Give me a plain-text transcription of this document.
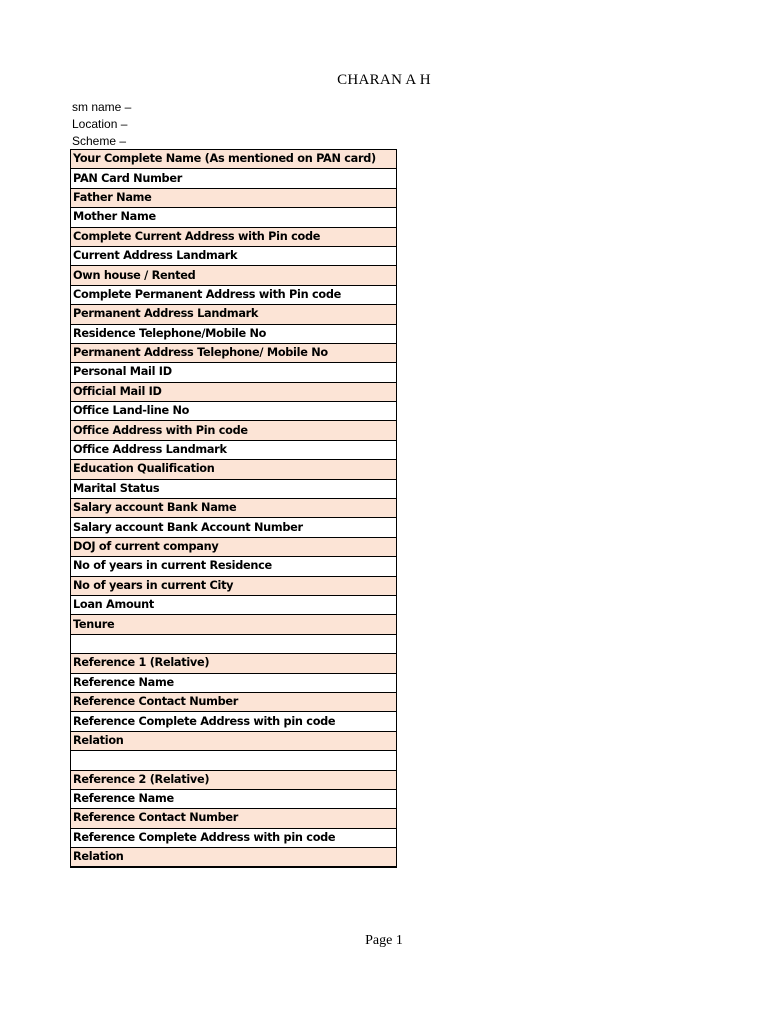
CHARAN A H
sm name –
Location –
Scheme –
Your Complete Name (As mentioned on PAN card)
PAN Card Number
Father Name
Mother Name
Complete Current Address with Pin code
Current Address Landmark
Own house / Rented
Complete Permanent Address with Pin code
Permanent Address Landmark
Residence Telephone/Mobile No
Permanent Address Telephone/ Mobile No
Personal Mail ID
Official Mail ID
Office Land-line No
Office Address with Pin code
Office Address Landmark
Education Qualification
Marital Status
Salary account Bank Name
Salary account Bank Account Number
DOJ of current company
No of years in current Residence
No of years in current City
Loan Amount
Tenure

Reference 1 (Relative)
Reference Name
Reference Contact Number
Reference Complete Address with pin code
Relation

Reference 2 (Relative)
Reference Name
Reference Contact Number
Reference Complete Address with pin code
Relation
Page 1
